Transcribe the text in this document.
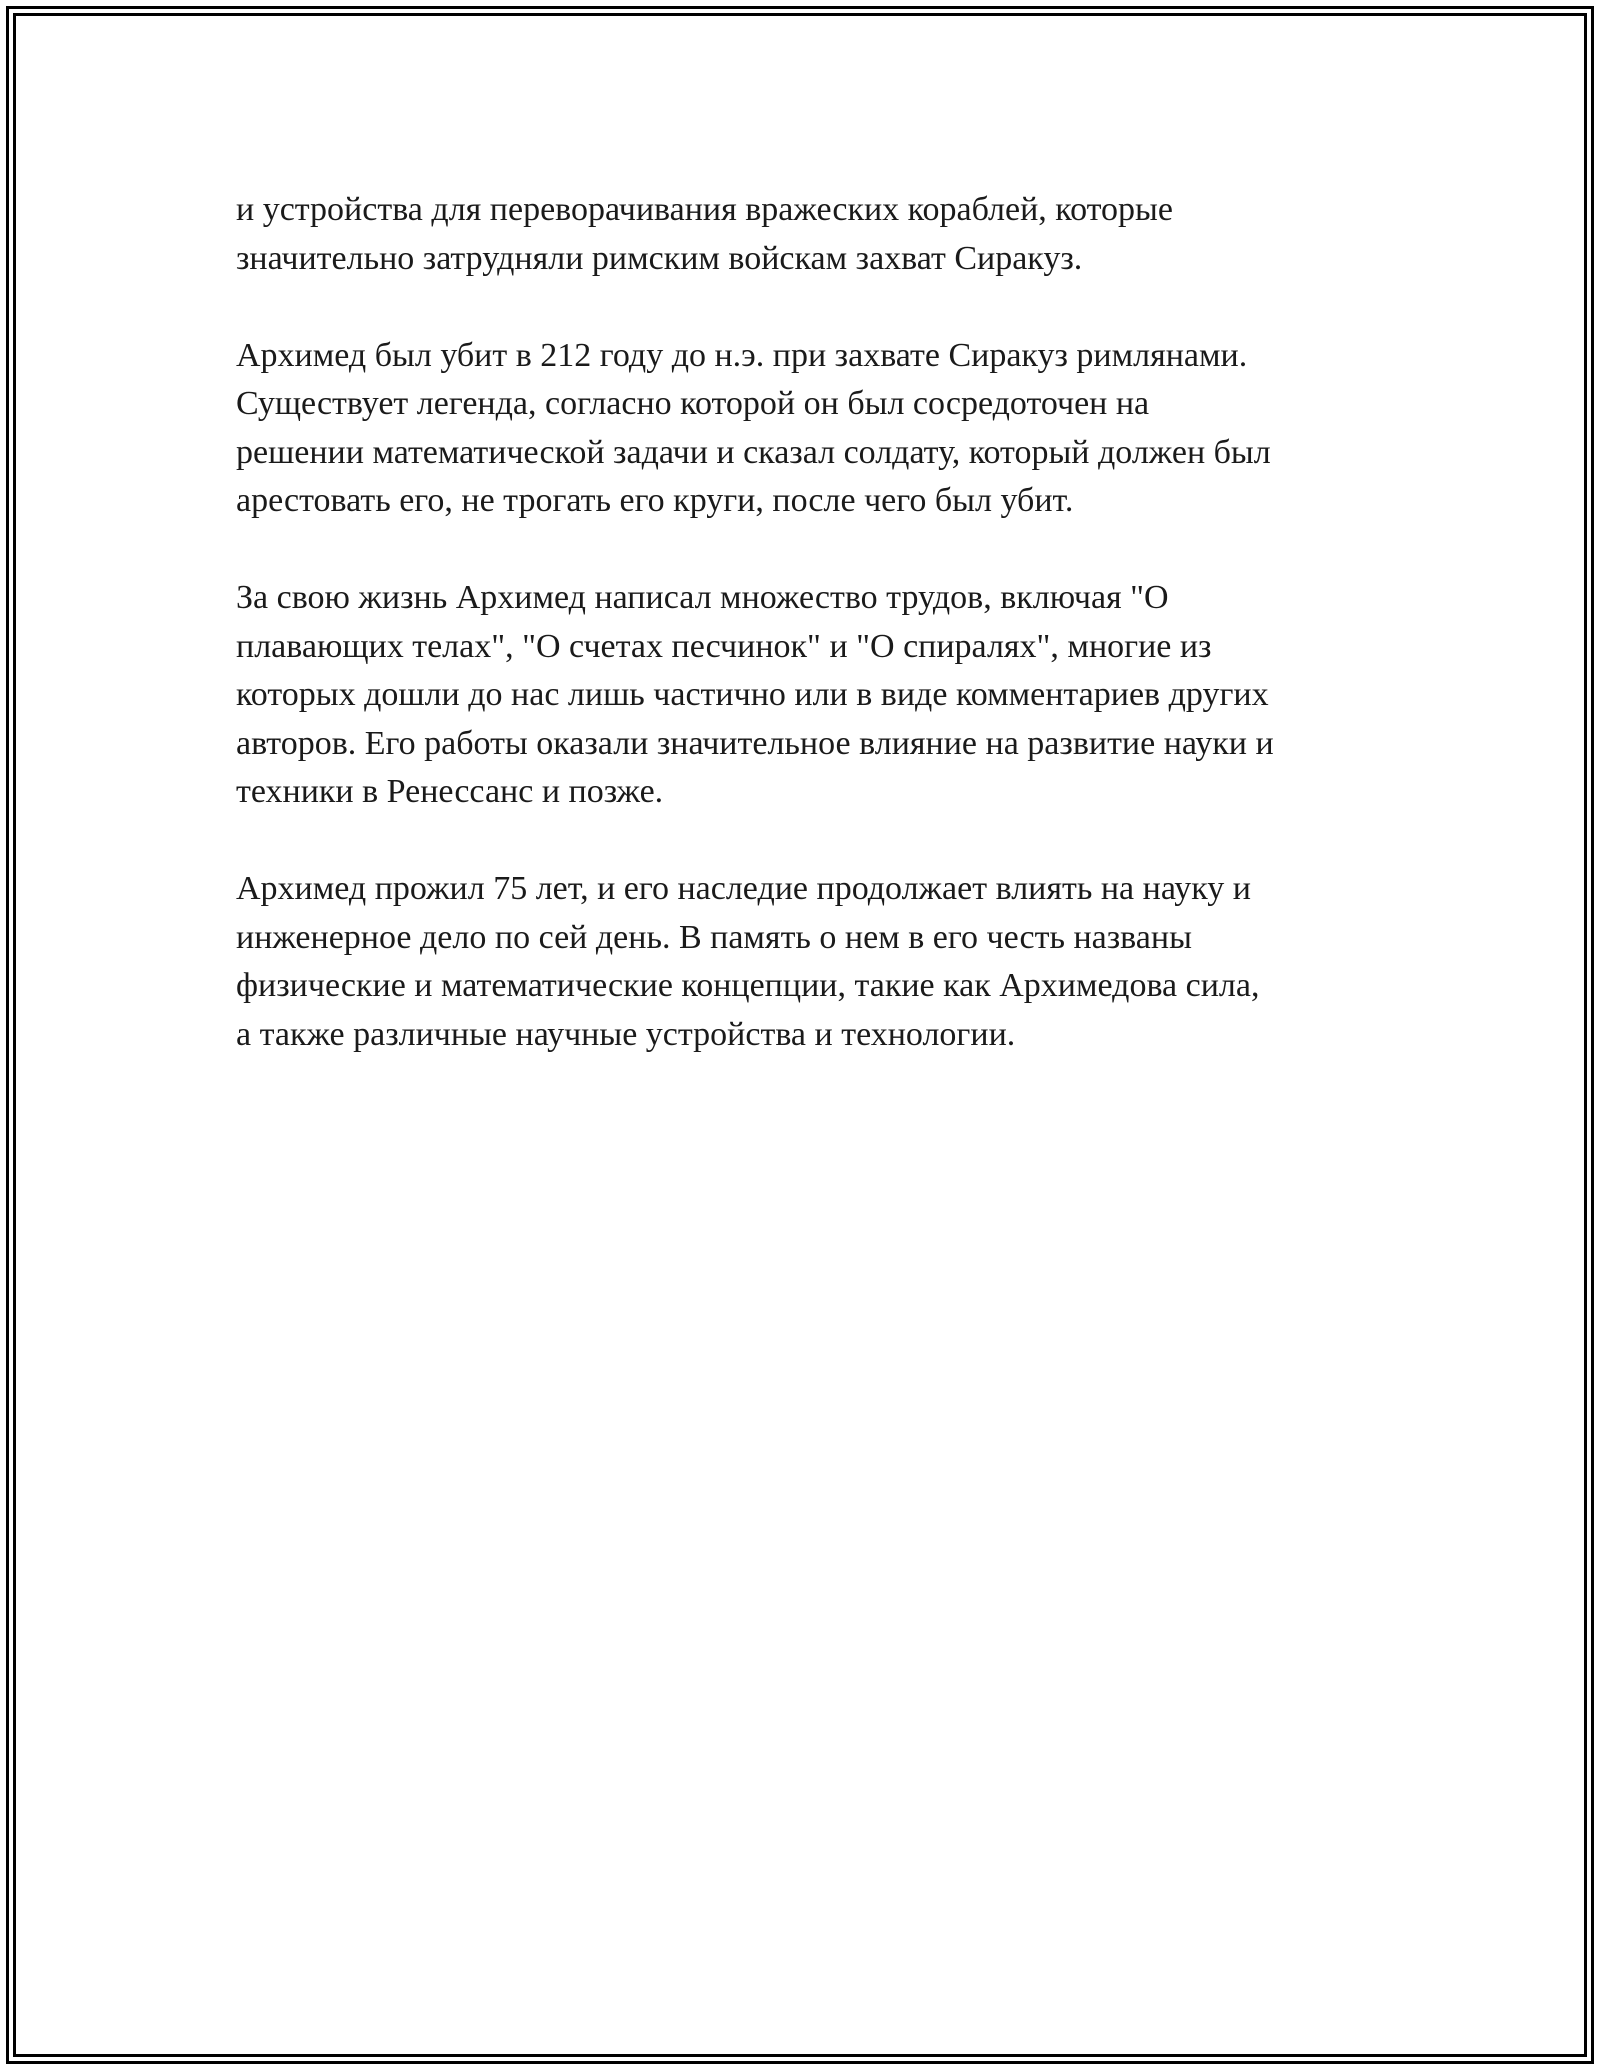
и устройства для переворачивания вражеских кораблей, которые
значительно затрудняли римским войскам захват Сиракуз.

Архимед был убит в 212 году до н.э. при захвате Сиракуз римлянами.
Существует легенда, согласно которой он был сосредоточен на
решении математической задачи и сказал солдату, который должен был
арестовать его, не трогать его круги, после чего был убит.

За свою жизнь Архимед написал множество трудов, включая "О
плавающих телах", "О счетах песчинок" и "О спиралях", многие из
которых дошли до нас лишь частично или в виде комментариев других
авторов. Его работы оказали значительное влияние на развитие науки и
техники в Ренессанс и позже.

Архимед прожил 75 лет, и его наследие продолжает влиять на науку и
инженерное дело по сей день. В память о нем в его честь названы
физические и математические концепции, такие как Архимедова сила,
а также различные научные устройства и технологии.
